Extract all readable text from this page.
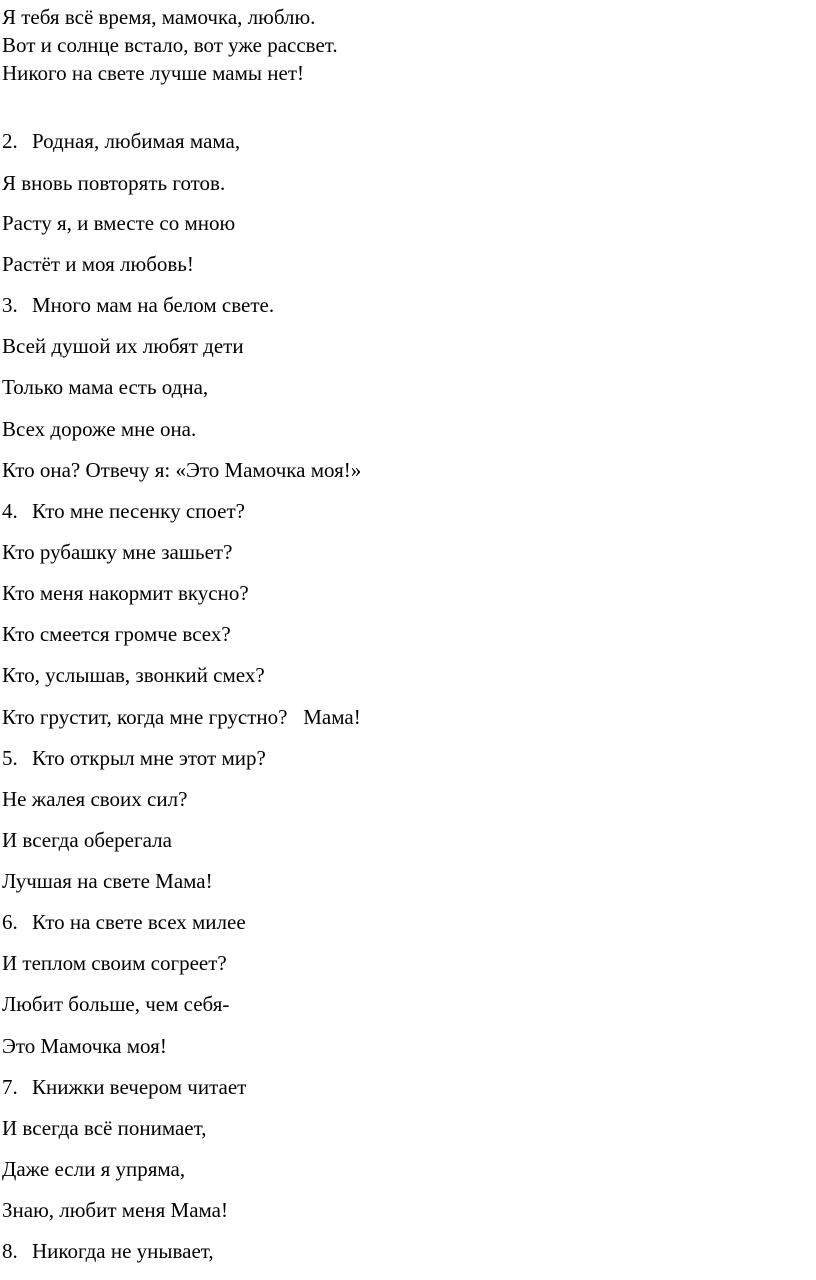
Я тебя всё время, мамочка, люблю.
Вот и солнце встало, вот уже рассвет.
Никого на свете лучше мамы нет!
2. Родная, любимая мама,
Я вновь повторять готов.
Расту я, и вместе со мною
Растёт и моя любовь!
3. Много мам на белом свете.
Всей душой их любят дети
Только мама есть одна,
Всех дороже мне она.
Кто она? Отвечу я: «Это Мамочка моя!»
4. Кто мне песенку споет?
Кто рубашку мне зашьет?
Кто меня накормит вкусно?
Кто смеется громче всех?
Кто, услышав, звонкий смех?
Кто грустит, когда мне грустно?   Мама!
5. Кто открыл мне этот мир?
Не жалея своих сил?
И всегда оберегала
Лучшая на свете Мама!
6. Кто на свете всех милее
И теплом своим согреет?
Любит больше, чем себя-
Это Мамочка моя!
7. Книжки вечером читает
И всегда всё понимает,
Даже если я упряма,
Знаю, любит меня Мама!
8. Никогда не унывает,
